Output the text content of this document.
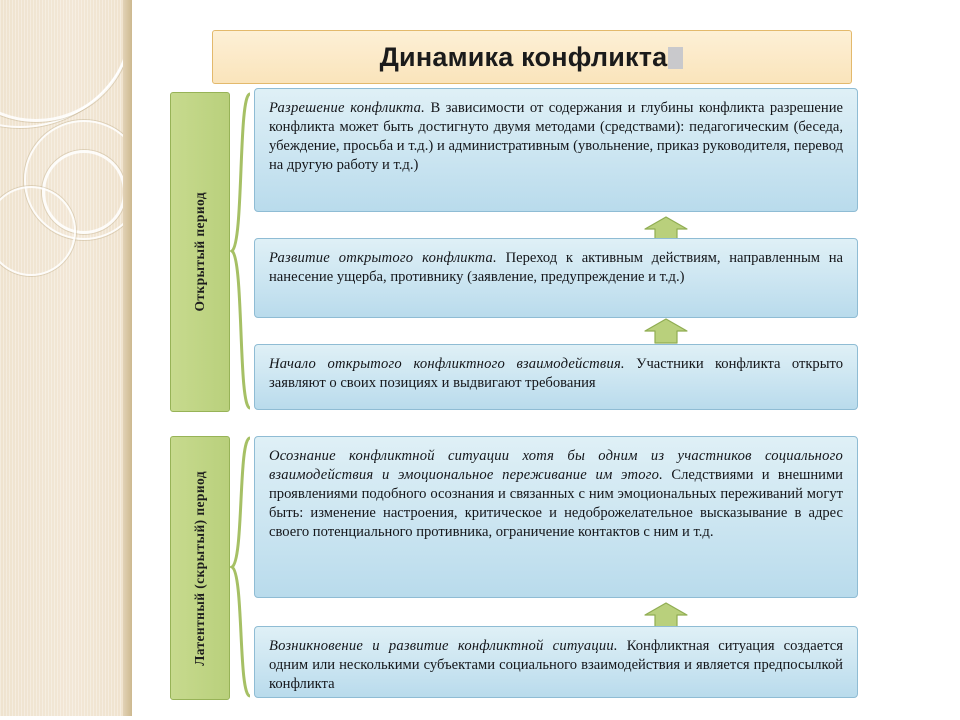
Динамика конфликта
Открытый период
Латентный (скрытый) период
Разрешение конфликта. В зависимости от содержания и глубины конфликта разрешение конфликта может быть достигнуто двумя методами (средствами): педагогическим (беседа, убеждение, просьба и т.д.) и административным (увольнение, приказ руководителя, перевод на другую работу и т.д.)
Развитие открытого конфликта. Переход к активным действиям, направленным на нанесение ущерба, противнику (заявление, предупреждение и т.д.)
Начало открытого конфликтного взаимодействия. Участники конфликта открыто заявляют о своих позициях и выдвигают требования
Осознание конфликтной ситуации хотя бы одним из участников социального взаимодействия и эмоциональное переживание им этого. Следствиями и внешними проявлениями подобного осознания и связанных с ним эмоциональных переживаний могут быть: изменение настроения, критическое и недоброжелательное высказывание в адрес своего потенциального противника, ограничение контактов с ним и т.д.
Возникновение и развитие конфликтной ситуации. Конфликтная ситуация создается одним или несколькими субъектами социального взаимодействия и является предпосылкой конфликта
